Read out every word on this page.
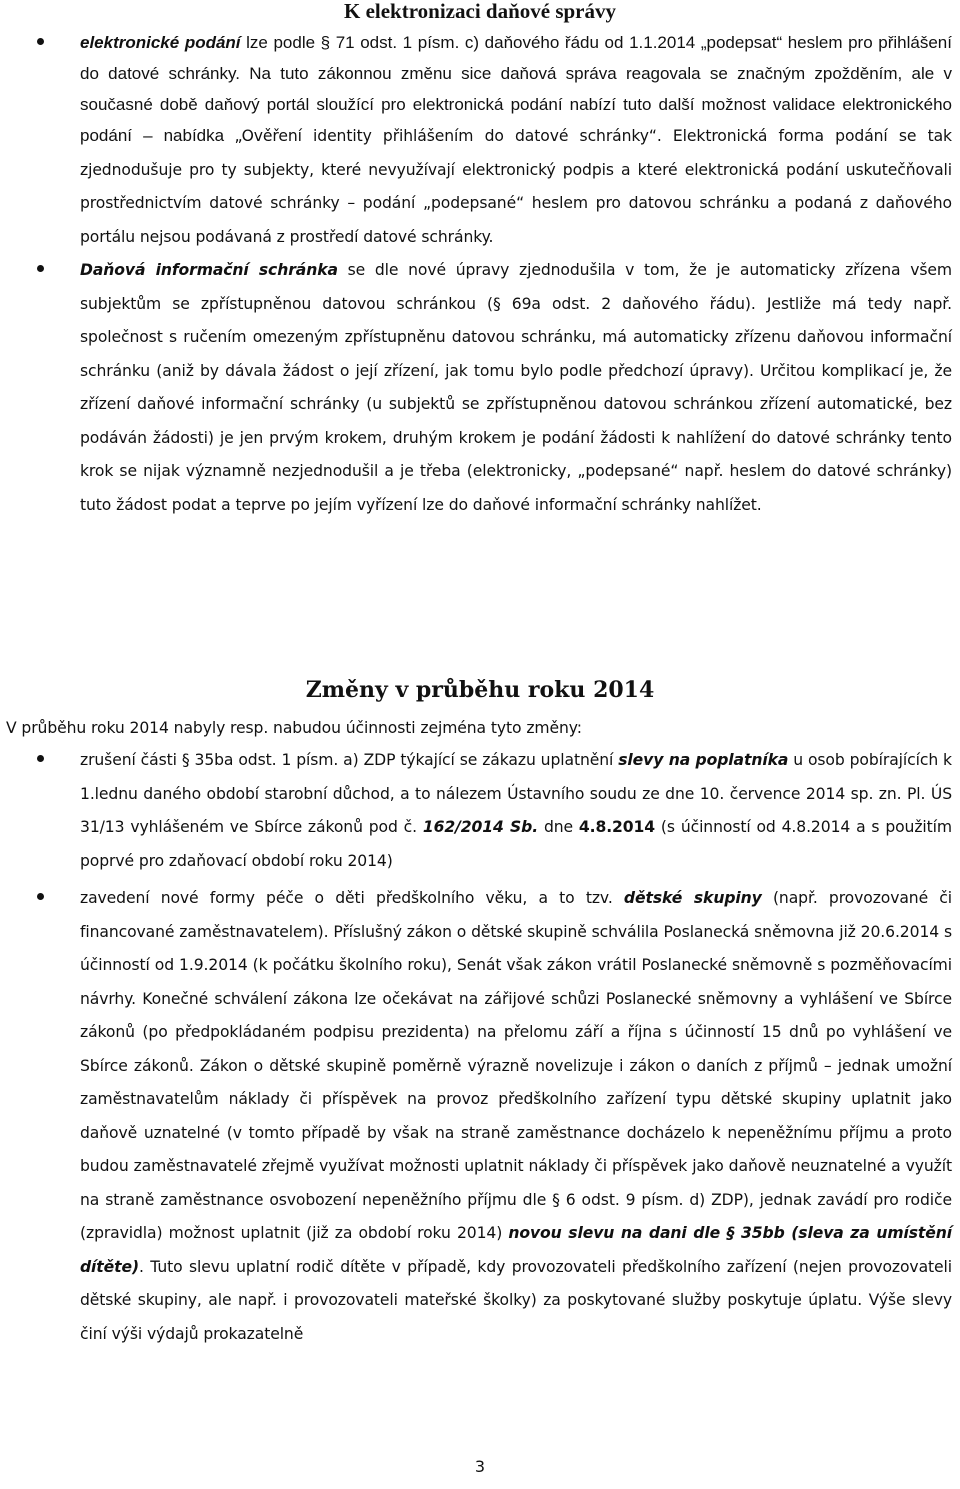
K elektronizaci daňové správy

elektronické podání lze podle § 71 odst. 1 písm. c) daňového řádu od 1.1.2014 „podepsat“ heslem pro přihlášení do datové schránky. Na tuto zákonnou změnu sice daňová správa reagovala se značným zpožděním, ale v současné době daňový portál sloužící pro elektronická podání nabízí tuto další možnost validace elektronického podání – nabídka „Ověření identity přihlášením do datové schránky“. Elektronická forma podání se tak zjednodušuje pro ty subjekty, které nevyužívají elektronický podpis a které elektronická podání uskutečňovali prostřednictvím datové schránky – podání „podepsané“ heslem pro datovou schránku a podaná z daňového portálu nejsou podávaná z prostředí datové schránky.

Daňová informační schránka se dle nové úpravy zjednodušila v tom, že je automaticky zřízena všem subjektům se zpřístupněnou datovou schránkou (§ 69a odst. 2 daňového řádu). Jestliže má tedy např. společnost s ručením omezeným zpřístupněnu datovou schránku, má automaticky zřízenu daňovou informační schránku (aniž by dávala žádost o její zřízení, jak tomu bylo podle předchozí úpravy). Určitou komplikací je, že zřízení daňové informační schránky (u subjektů se zpřístupněnou datovou schránkou zřízení automatické, bez podáván žádosti) je jen prvým krokem, druhým krokem je podání žádosti k nahlížení do datové schránky tento krok se nijak významně nezjednodušil a je třeba (elektronicky, „podepsané“ např. heslem do datové schránky) tuto žádost podat a teprve po jejím vyřízení lze do daňové informační schránky nahlížet.

Změny v průběhu roku 2014

V průběhu roku 2014 nabyly resp. nabudou účinnosti zejména tyto změny:

zrušení části § 35ba odst. 1 písm. a) ZDP týkající se zákazu uplatnění slevy na poplatníka u osob pobírajících k 1.lednu daného období starobní důchod, a to nálezem Ústavního soudu ze dne 10. července 2014 sp. zn. Pl. ÚS 31/13 vyhlášeném ve Sbírce zákonů pod č. 162/2014 Sb. dne 4.8.2014 (s účinností od 4.8.2014 a s použitím poprvé pro zdaňovací období roku 2014)

zavedení nové formy péče o děti předškolního věku, a to tzv. dětské skupiny (např. provozované či financované zaměstnavatelem). Příslušný zákon o dětské skupině schválila Poslanecká sněmovna již 20.6.2014 s účinností od 1.9.2014 (k počátku školního roku), Senát však zákon vrátil Poslanecké sněmovně s pozměňovacími návrhy. Konečné schválení zákona lze očekávat na zářijové schůzi Poslanecké sněmovny a vyhlášení ve Sbírce zákonů (po předpokládaném podpisu prezidenta) na přelomu září a října s účinností 15 dnů po vyhlášení ve Sbírce zákonů. Zákon o dětské skupině poměrně výrazně novelizuje i zákon o daních z příjmů – jednak umožní zaměstnavatelům náklady či příspěvek na provoz předškolního zařízení typu dětské skupiny uplatnit jako daňově uznatelné (v tomto případě by však na straně zaměstnance docházelo k nepeněžnímu příjmu a proto budou zaměstnavatelé zřejmě využívat možnosti uplatnit náklady či příspěvek jako daňově neuznatelné a využít na straně zaměstnance osvobození nepeněžního příjmu dle § 6 odst. 9 písm. d) ZDP), jednak zavádí pro rodiče (zpravidla) možnost uplatnit (již za období roku 2014) novou slevu na dani dle § 35bb (sleva za umístění dítěte). Tuto slevu uplatní rodič dítěte v případě, kdy provozovateli předškolního zařízení (nejen provozovateli dětské skupiny, ale např. i provozovateli mateřské školky) za poskytované služby poskytuje úplatu. Výše slevy činí výši výdajů prokazatelně

3
